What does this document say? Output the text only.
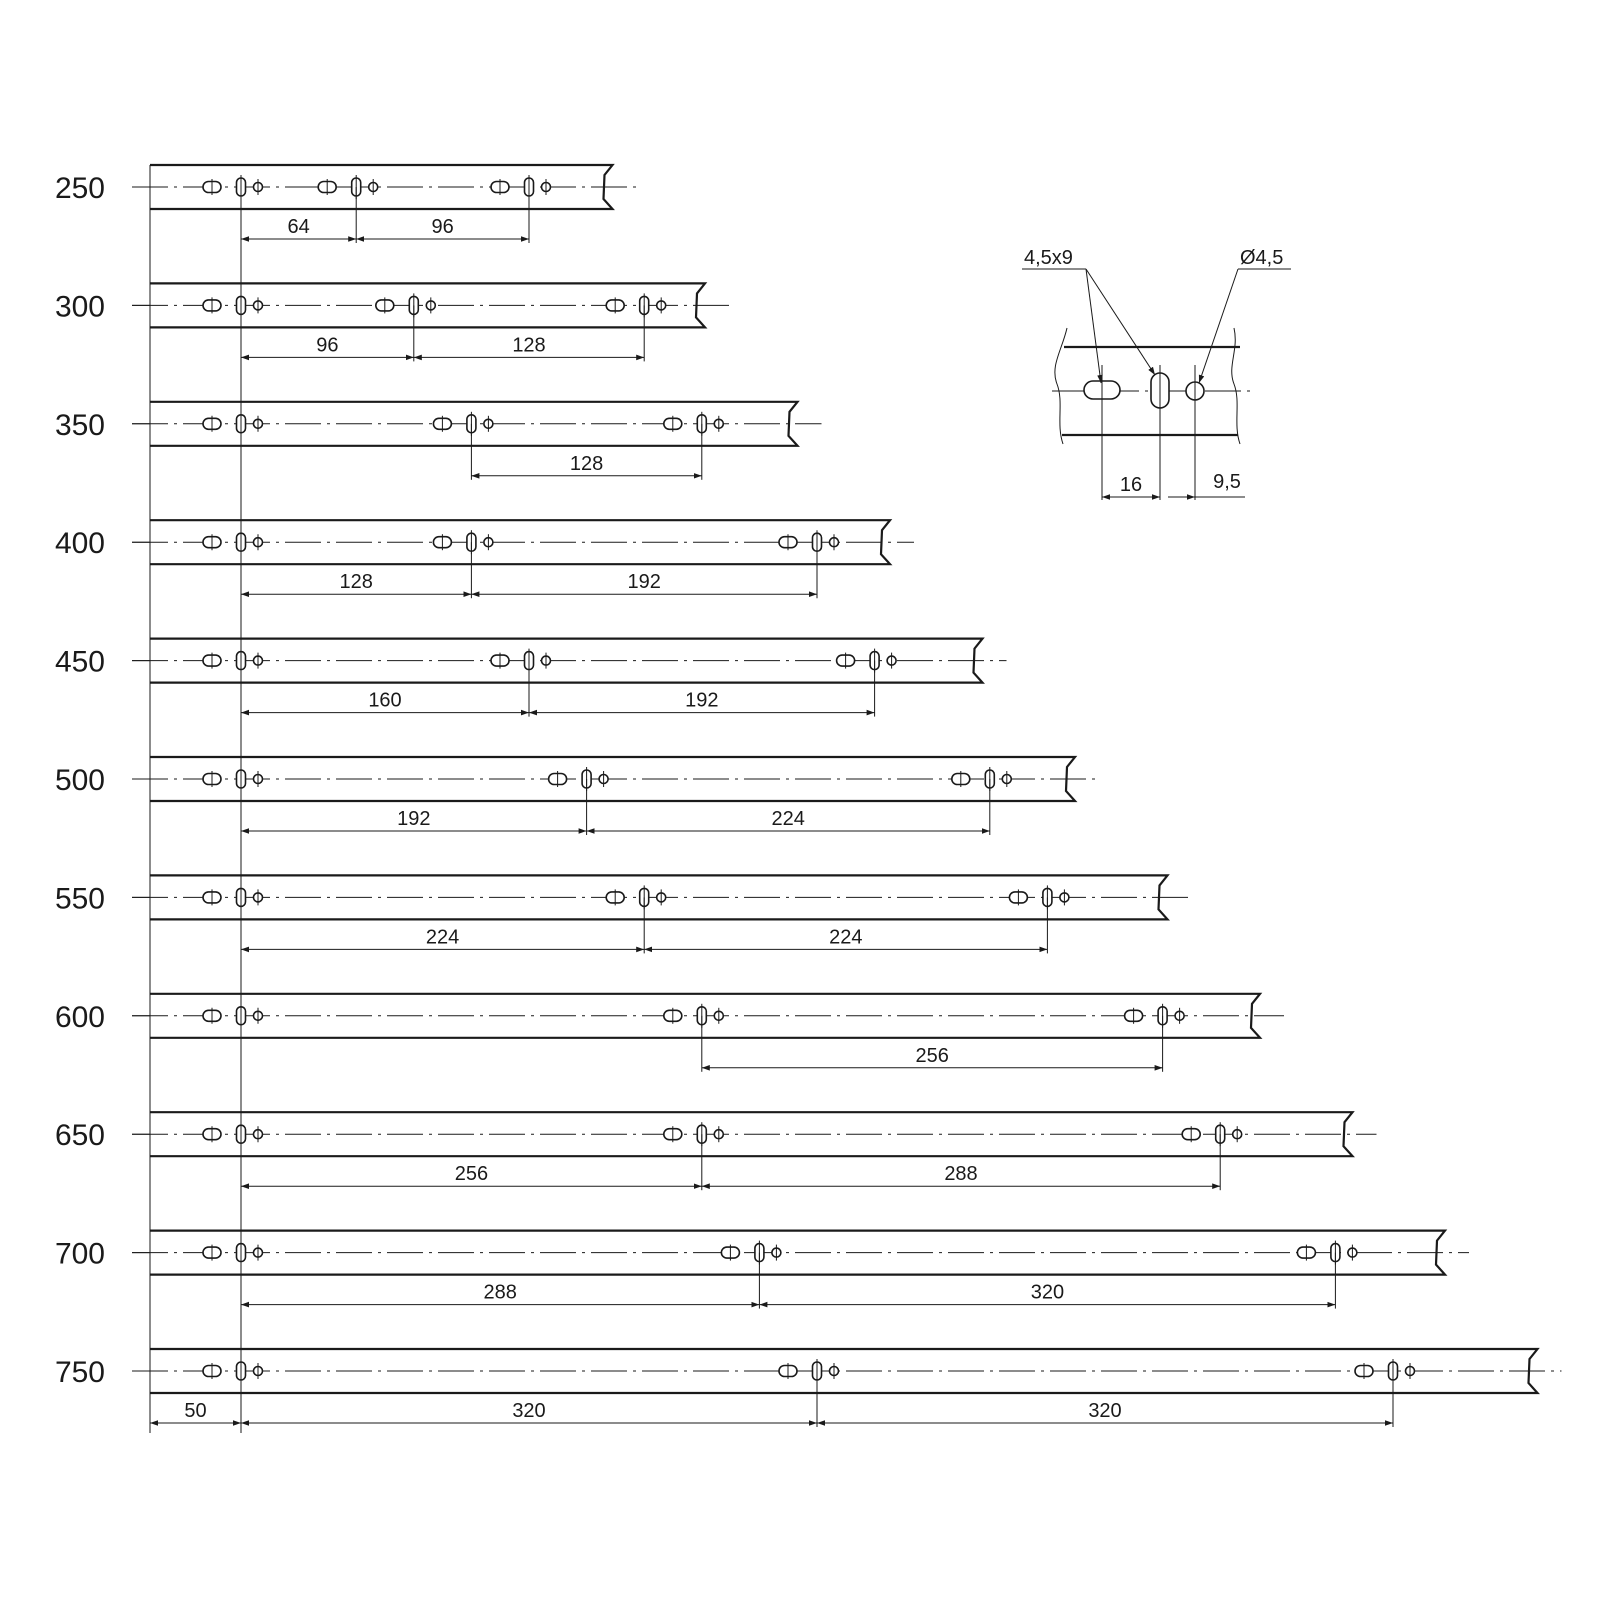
250
64	96
300
96	128
350
128
400
128	192
450
160	192
500
192	224
550
224	224
600
256
650
256	288
700
288	320
750
50	320	320
16	9,5
4,5x9	Ø4,5
